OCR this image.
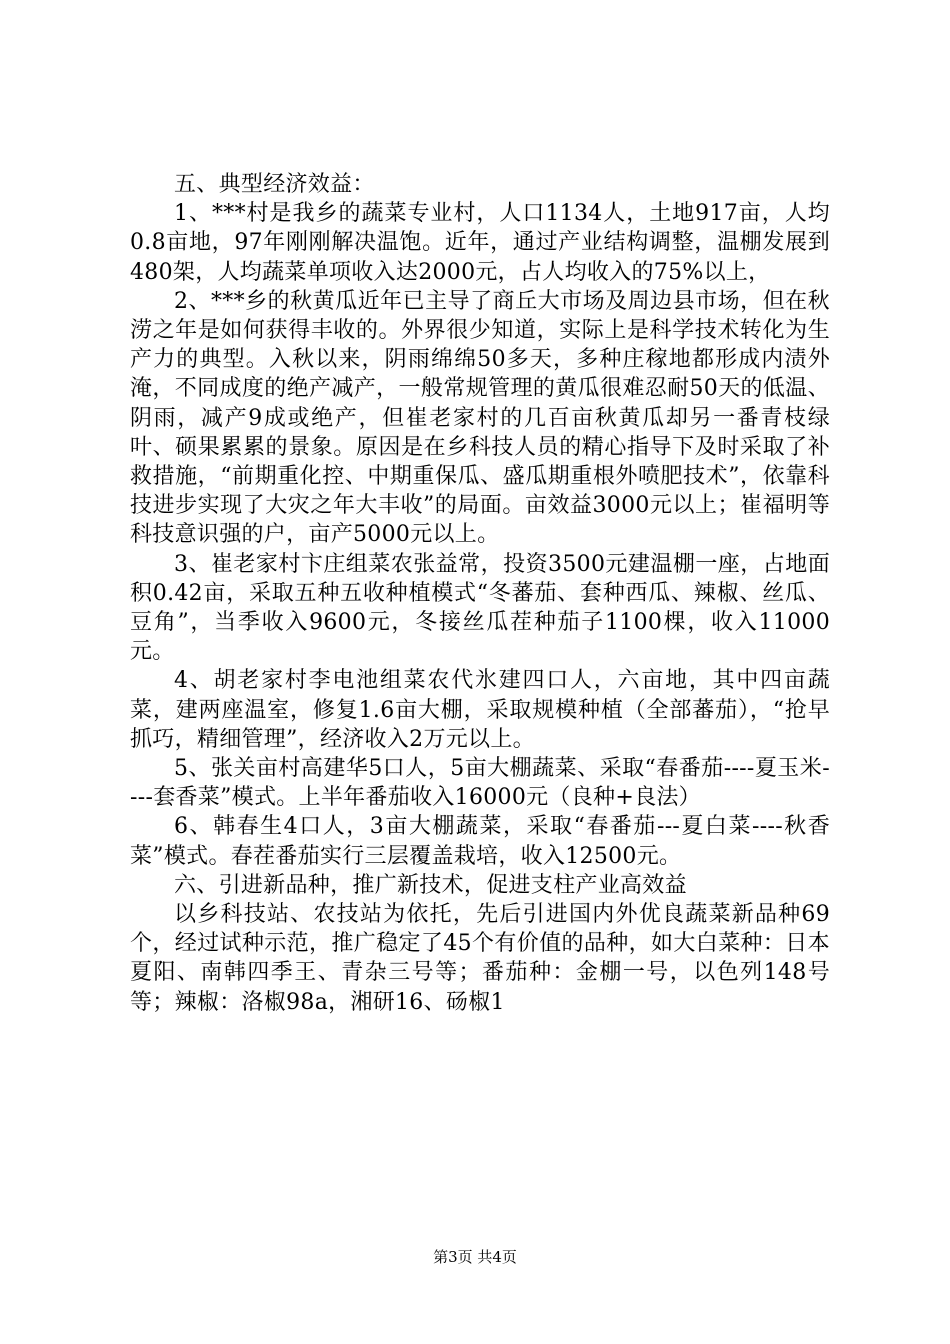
五、典型经济效益：

1、***村是我乡的蔬菜专业村，人口1134人，土地917亩，人均0.8亩地，97年刚刚解决温饱。近年，通过产业结构调整，温棚发展到480架，人均蔬菜单项收入达2000元，占人均收入的75%以上，

2、***乡的秋黄瓜近年已主导了商丘大市场及周边县市场，但在秋涝之年是如何获得丰收的。外界很少知道，实际上是科学技术转化为生产力的典型。入秋以来，阴雨绵绵50多天，多种庄稼地都形成内渍外淹，不同成度的绝产减产，一般常规管理的黄瓜很难忍耐50天的低温、阴雨，减产9成或绝产，但崔老家村的几百亩秋黄瓜却另一番青枝绿叶、硕果累累的景象。原因是在乡科技人员的精心指导下及时采取了补救措施，“前期重化控、中期重保瓜、盛瓜期重根外喷肥技术”，依靠科技进步实现了大灾之年大丰收”的局面。亩效益3000元以上；崔福明等科技意识强的户，亩产5000元以上。

3、崔老家村卞庄组菜农张益常，投资3500元建温棚一座，占地面积0.42亩，采取五种五收种植模式“冬蕃茄、套种西瓜、辣椒、丝瓜、豆角”，当季收入9600元，冬接丝瓜茬种茄子1100棵，收入11000元。

4、胡老家村李电池组菜农代氷建四口人，六亩地，其中四亩蔬菜，建两座温室，修复1.6亩大棚，采取规模种植（全部蕃茄），“抢早抓巧，精细管理”，经济收入2万元以上。

5、张关亩村高建华5口人，5亩大棚蔬菜、采取“春番茄----夏玉米----套香菜”模式。上半年番茄收入16000元（良种+良法）

6、韩春生4口人，3亩大棚蔬菜，采取“春番茄---夏白菜----秋香菜”模式。春茬番茄实行三层覆盖栽培，收入12500元。

六、引进新品种，推广新技术，促进支柱产业高效益

以乡科技站、农技站为依托，先后引进国内外优良蔬菜新品种69个，经过试种示范，推广稳定了45个有价值的品种，如大白菜种：日本夏阳、南韩四季王、青杂三号等；番茄种：金棚一号，以色列148号等；辣椒：洛椒98a，湘研16、砀椒1

第3页 共4页
